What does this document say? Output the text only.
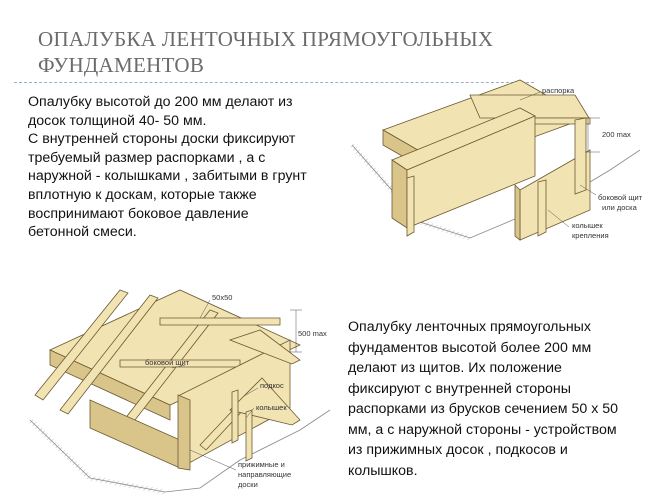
ОПАЛУБКА ЛЕНТОЧНЫХ ПРЯМОУГОЛЬНЫХ
ФУНДАМЕНТОВ
Опалубку высотой до 200 мм делают из
досок толщиной 40- 50 мм.
С внутренней стороны доски фиксируют
требуемый размер распорками , а с
наружной - колышками , забитыми в грунт
вплотную к доскам, которые также
воспринимают боковое давление
бетонной смеси.
Опалубку ленточных прямоугольных
фундаментов высотой более 200 мм
делают из щитов. Их положение
фиксируют с внутренней стороны
распорками из брусков сечением 50 х 50
мм, а с наружной стороны - устройством
из прижимных досок , подкосов и
колышков.
распорка
200 max
боковой щит
или доска
колышек
крепления
50х50
500 max
боковой щит
подкос
колышек
прижимные и
направляющие
доски
